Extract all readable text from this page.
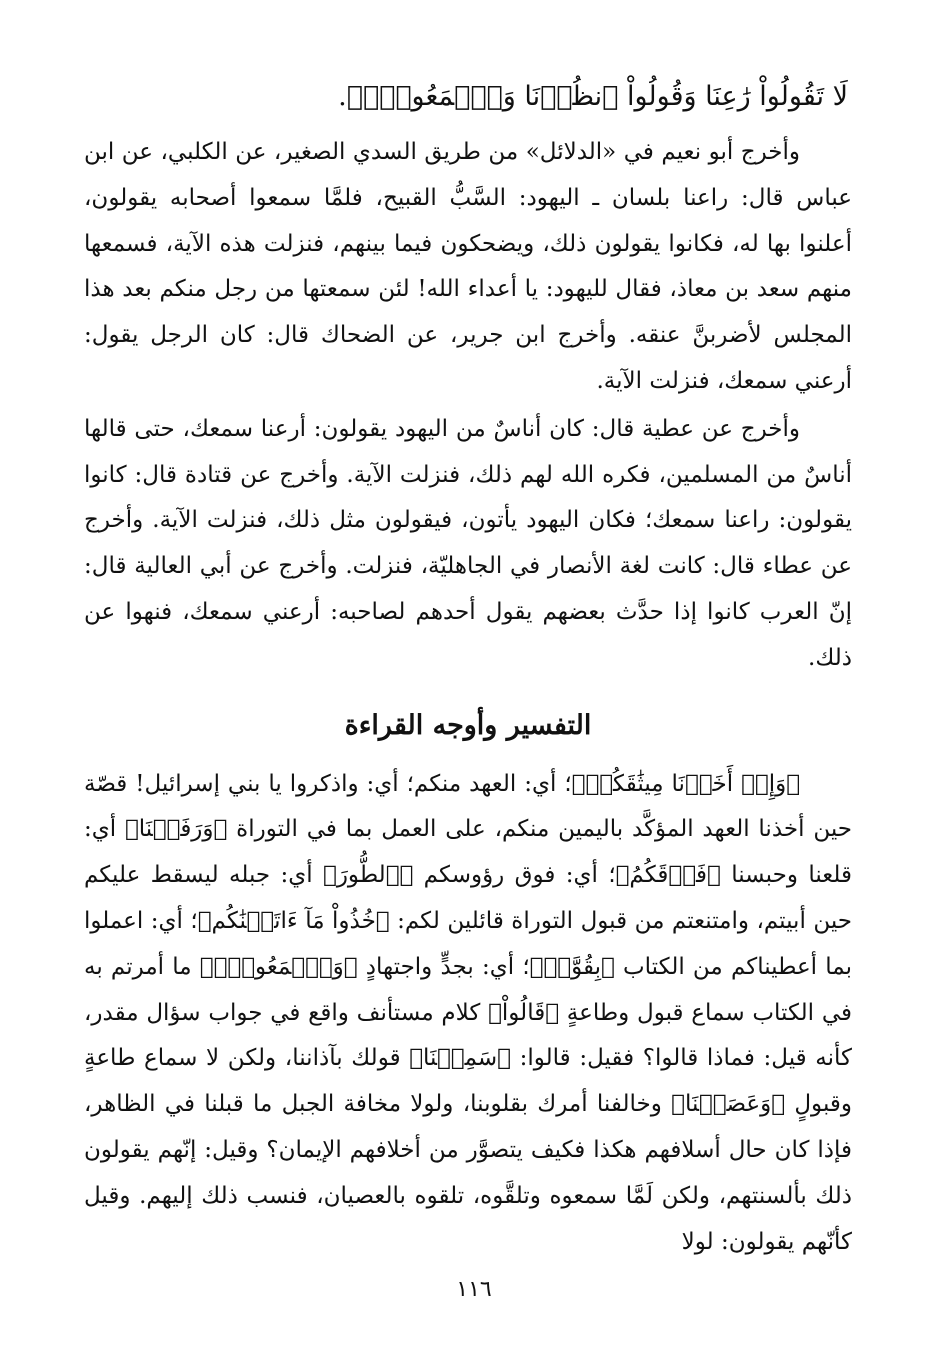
لَا تَقُولُواْ رَٰعِنَا وَقُولُواْ ٱنظُرۡنَا وَٱسۡمَعُواْۗ﴾.

وأخرج أبو نعيم في «الدلائل» من طريق السدي الصغير، عن الكلبي، عن ابن عباس قال: راعنا بلسان ـ اليهود: السَّبُّ القبيح، فلمَّا سمعوا أصحابه يقولون، أعلنوا بها له، فكانوا يقولون ذلك، ويضحكون فيما بينهم، فنزلت هذه الآية، فسمعها منهم سعد بن معاذ، فقال لليهود: يا أعداء الله! لئن سمعتها من رجل منكم بعد هذا المجلس لأضربنَّ عنقه. وأخرج ابن جرير، عن الضحاك قال: كان الرجل يقول: أرعني سمعك، فنزلت الآية.

وأخرج عن عطية قال: كان أناسٌ من اليهود يقولون: أرعنا سمعك، حتى قالها أناسٌ من المسلمين، فكره الله لهم ذلك، فنزلت الآية. وأخرج عن قتادة قال: كانوا يقولون: راعنا سمعك؛ فكان اليهود يأتون، فيقولون مثل ذلك، فنزلت الآية. وأخرج عن عطاء قال: كانت لغة الأنصار في الجاهليّة، فنزلت. وأخرج عن أبي العالية قال: إنّ العرب كانوا إذا حدَّث بعضهم يقول أحدهم لصاحبه: أرعني سمعك، فنهوا عن ذلك.

التفسير وأوجه القراءة

﴿وَإِذۡ أَخَذۡنَا مِيثَٰقَكُمۡ﴾؛ أي: العهد منكم؛ أي: واذكروا يا بني إسرائيل! قصّة حين أخذنا العهد المؤكَّد باليمين منكم، على العمل بما في التوراة ﴿وَرَفَعۡنَا﴾ أي: قلعنا وحبسنا ﴿فَوۡقَكُمُ﴾؛ أي: فوق رؤوسكم ﴿ٱلطُّورَ﴾ أي: جبله ليسقط عليكم حين أبيتم، وامتنعتم من قبول التوراة قائلين لكم: ﴿خُذُواْ مَآ ءَاتَيۡنَٰكُم﴾؛ أي: اعملوا بما أعطيناكم من الكتاب ﴿بِقُوَّةٖ﴾؛ أي: بجدٍّ واجتهادٍ ﴿وَٱسۡمَعُواْۖ﴾ ما أمرتم به في الكتاب سماع قبول وطاعةٍ ﴿قَالُواْ﴾ كلام مستأنف واقع في جواب سؤال مقدر، كأنه قيل: فماذا قالوا؟ فقيل: قالوا: ﴿سَمِعۡنَا﴾ قولك بآذاننا، ولكن لا سماع طاعةٍ وقبولٍ ﴿وَعَصَيۡنَا﴾ وخالفنا أمرك بقلوبنا، ولولا مخافة الجبل ما قبلنا في الظاهر، فإذا كان حال أسلافهم هكذا فكيف يتصوَّر من أخلافهم الإيمان؟ وقيل: إنّهم يقولون ذلك بألسنتهم، ولكن لَمَّا سمعوه وتلقَّوه، تلقوه بالعصيان، فنسب ذلك إليهم. وقيل كأنّهم يقولون: لولا

١١٦
